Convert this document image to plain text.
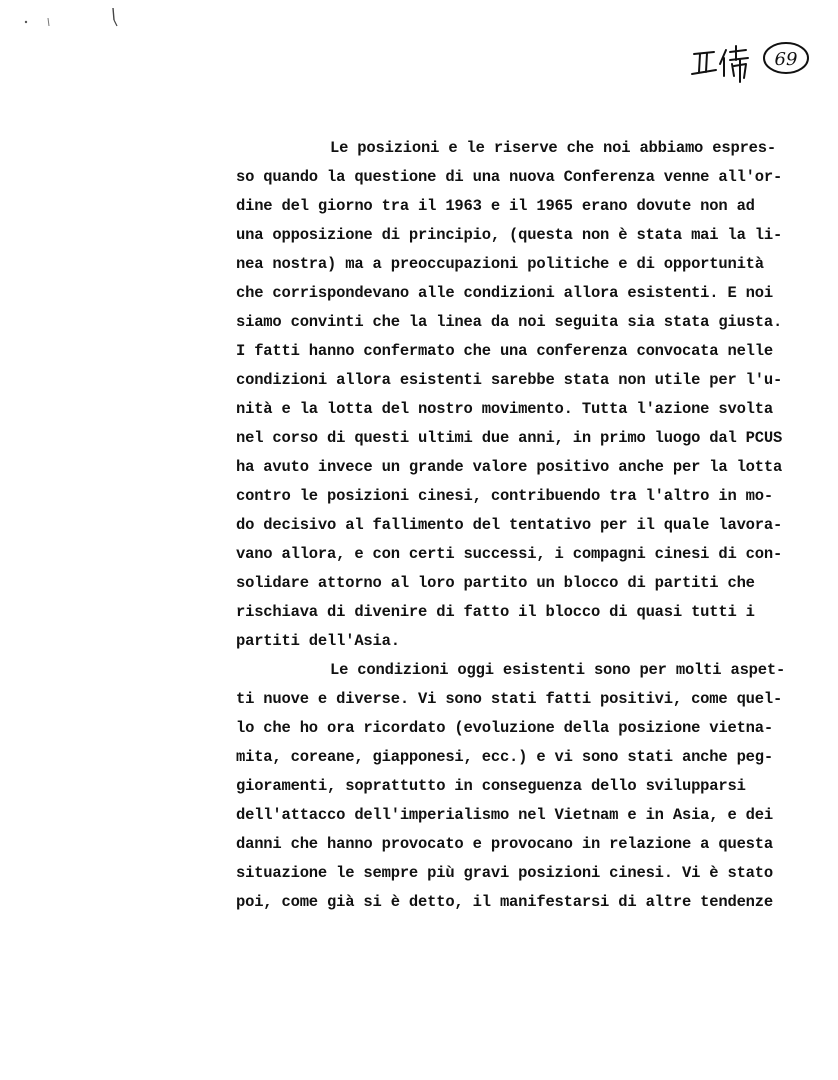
69
Le posizioni e le riserve che noi abbiamo espres-
so quando la questione di una nuova Conferenza venne all'or-
dine del giorno tra il 1963 e il 1965 erano dovute non ad
una opposizione di principio, (questa non è stata mai la li-
nea nostra) ma a preoccupazioni politiche e di opportunità
che corrispondevano alle condizioni allora esistenti. E noi
siamo convinti che la linea da noi seguita sia stata giusta.
I fatti hanno confermato che una conferenza convocata nelle
condizioni allora esistenti sarebbe stata non utile per l'u-
nità e la lotta del nostro movimento. Tutta l'azione svolta
nel corso di questi ultimi due anni, in primo luogo dal PCUS
ha avuto invece un grande valore positivo anche per la lotta
contro le posizioni cinesi, contribuendo tra l'altro in mo-
do decisivo al fallimento del tentativo per il quale lavora-
vano allora, e con certi successi, i compagni cinesi di con-
solidare attorno al loro partito un blocco di partiti che
rischiava di divenire di fatto il blocco di quasi tutti i
partiti dell'Asia.
Le condizioni oggi esistenti sono per molti aspet-
ti nuove e diverse. Vi sono stati fatti positivi, come quel-
lo che ho ora ricordato (evoluzione della posizione vietna-
mita, coreane, giapponesi, ecc.) e vi sono stati anche peg-
gioramenti, soprattutto in conseguenza dello svilupparsi
dell'attacco dell'imperialismo nel Vietnam e in Asia, e dei
danni che hanno provocato e provocano in relazione a questa
situazione le sempre più gravi posizioni cinesi. Vi è stato
poi, come già si è detto, il manifestarsi di altre tendenze
